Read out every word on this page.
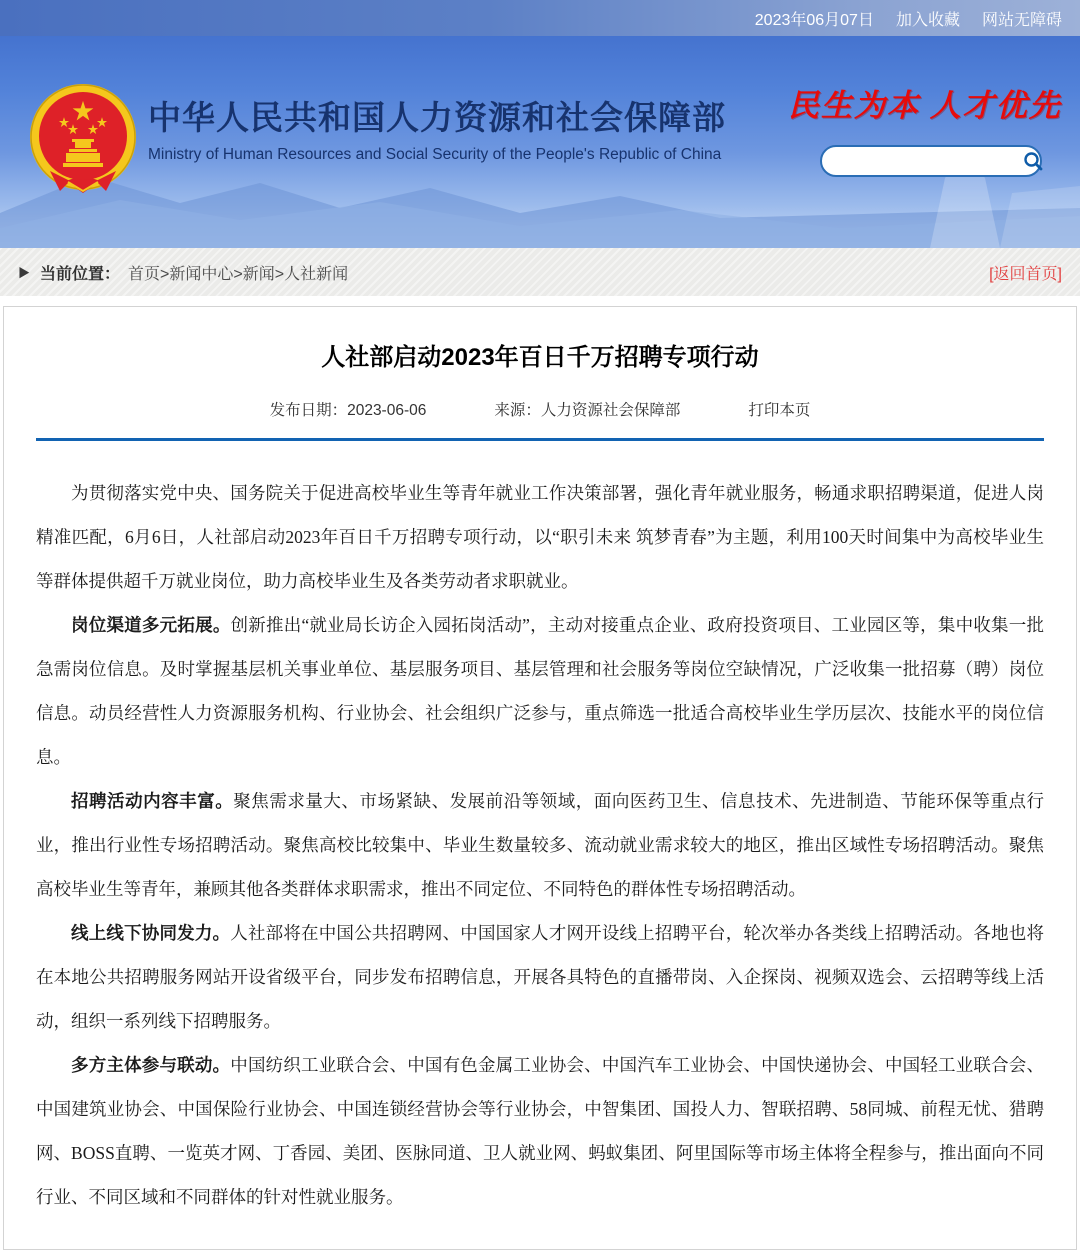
2023年06月07日 加入收藏 网站无障碍
★
★ ★
★ ★ 中华人民共和国人力资源和社会保障部
Ministry of Human Resources and Social Security of the People's Republic of China
民生为本 人才优先
▶ 当前位置： 首页>新闻中心>新闻>人社新闻	[返回首页]
人社部启动2023年百日千万招聘专项行动
发布日期：2023-06-06	来源：人力资源社会保障部	打印本页

为贯彻落实党中央、国务院关于促进高校毕业生等青年就业工作决策部署，强化青年就业服务，畅通求职招聘渠道，促进人岗精准匹配，6月6日，人社部启动2023年百日千万招聘专项行动，以“职引未来 筑梦青春”为主题，利用100天时间集中为高校毕业生等群体提供超千万就业岗位，助力高校毕业生及各类劳动者求职就业。

岗位渠道多元拓展。创新推出“就业局长访企入园拓岗活动”，主动对接重点企业、政府投资项目、工业园区等，集中收集一批急需岗位信息。及时掌握基层机关事业单位、基层服务项目、基层管理和社会服务等岗位空缺情况，广泛收集一批招募（聘）岗位信息。动员经营性人力资源服务机构、行业协会、社会组织广泛参与，重点筛选一批适合高校毕业生学历层次、技能水平的岗位信息。

招聘活动内容丰富。聚焦需求量大、市场紧缺、发展前沿等领域，面向医药卫生、信息技术、先进制造、节能环保等重点行业，推出行业性专场招聘活动。聚焦高校比较集中、毕业生数量较多、流动就业需求较大的地区，推出区域性专场招聘活动。聚焦高校毕业生等青年，兼顾其他各类群体求职需求，推出不同定位、不同特色的群体性专场招聘活动。

线上线下协同发力。人社部将在中国公共招聘网、中国国家人才网开设线上招聘平台，轮次举办各类线上招聘活动。各地也将在本地公共招聘服务网站开设省级平台，同步发布招聘信息，开展各具特色的直播带岗、入企探岗、视频双选会、云招聘等线上活动，组织一系列线下招聘服务。

多方主体参与联动。中国纺织工业联合会、中国有色金属工业协会、中国汽车工业协会、中国快递协会、中国轻工业联合会、中国建筑业协会、中国保险行业协会、中国连锁经营协会等行业协会，中智集团、国投人力、智联招聘、58同城、前程无忧、猎聘网、BOSS直聘、一览英才网、丁香园、美团、医脉同道、卫人就业网、蚂蚁集团、阿里国际等市场主体将全程参与，推出面向不同行业、不同区域和不同群体的针对性就业服务。
